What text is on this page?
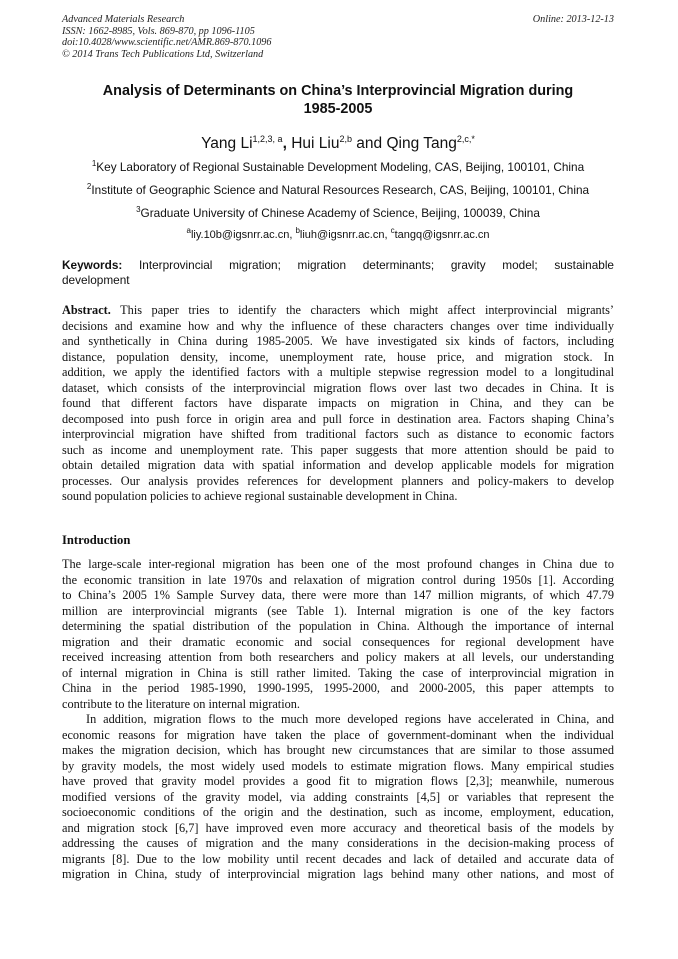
Advanced Materials Research
ISSN: 1662-8985, Vols. 869-870, pp 1096-1105
doi:10.4028/www.scientific.net/AMR.869-870.1096
© 2014 Trans Tech Publications Ltd, Switzerland
Online: 2013-12-13
Analysis of Determinants on China’s Interprovincial Migration during
1985-2005
Yang Li$^{1,2,3, a}$, Hui Liu$^{2,b}$ and Qing Tang$^{2,c,*}$
$^1$Key Laboratory of Regional Sustainable Development Modeling, CAS, Beijing, 100101, China
$^2$Institute of Geographic Science and Natural Resources Research, CAS, Beijing, 100101, China
$^3$Graduate University of Chinese Academy of Science, Beijing, 100039, China
$^a$liy.10b@igsnrr.ac.cn, $^b$liuh@igsnrr.ac.cn, $^c$tangq@igsnrr.ac.cn
Keywords: Interprovincial migration; migration determinants; gravity model; sustainable
development
Abstract. This paper tries to identify the characters which might affect interprovincial migrants’
decisions and examine how and why the influence of these characters changes over time individually
and synthetically in China during 1985-2005. We have investigated six kinds of factors, including
distance, population density, income, unemployment rate, house price, and migration stock. In
addition, we apply the identified factors with a multiple stepwise regression model to a longitudinal
dataset, which consists of the interprovincial migration flows over last two decades in China. It is
found that different factors have disparate impacts on migration in China, and they can be
decomposed into push force in origin area and pull force in destination area. Factors shaping China’s
interprovincial migration have shifted from traditional factors such as distance to economic factors
such as income and unemployment rate. This paper suggests that more attention should be paid to
obtain detailed migration data with spatial information and develop applicable models for migration
processes. Our analysis provides references for development planners and policy-makers to develop
sound population policies to achieve regional sustainable development in China.
Introduction
The large-scale inter-regional migration has been one of the most profound changes in China due to
the economic transition in late 1970s and relaxation of migration control during 1950s [1]. According
to China’s 2005 1% Sample Survey data, there were more than 147 million migrants, of which 47.79
million are interprovincial migrants (see Table 1). Internal migration is one of the key factors
determining the spatial distribution of the population in China. Although the importance of internal
migration and their dramatic economic and social consequences for regional development have
received increasing attention from both researchers and policy makers at all levels, our understanding
of internal migration in China is still rather limited. Taking the case of interprovincial migration in
China in the period 1985-1990, 1990-1995, 1995-2000, and 2000-2005, this paper attempts to
contribute to the literature on internal migration.
In addition, migration flows to the much more developed regions have accelerated in China, and
economic reasons for migration have taken the place of government-dominant when the individual
makes the migration decision, which has brought new circumstances that are similar to those assumed
by gravity models, the most widely used models to estimate migration flows. Many empirical studies
have proved that gravity model provides a good fit to migration flows [2,3]; meanwhile, numerous
modified versions of the gravity model, via adding constraints [4,5] or variables that represent the
socioeconomic conditions of the origin and the destination, such as income, employment, education,
and migration stock [6,7] have improved even more accuracy and theoretical basis of the models by
addressing the causes of migration and the many considerations in the decision-making process of
migrants [8]. Due to the low mobility until recent decades and lack of detailed and accurate data of
migration in China, study of interprovincial migration lags behind many other nations, and most of
